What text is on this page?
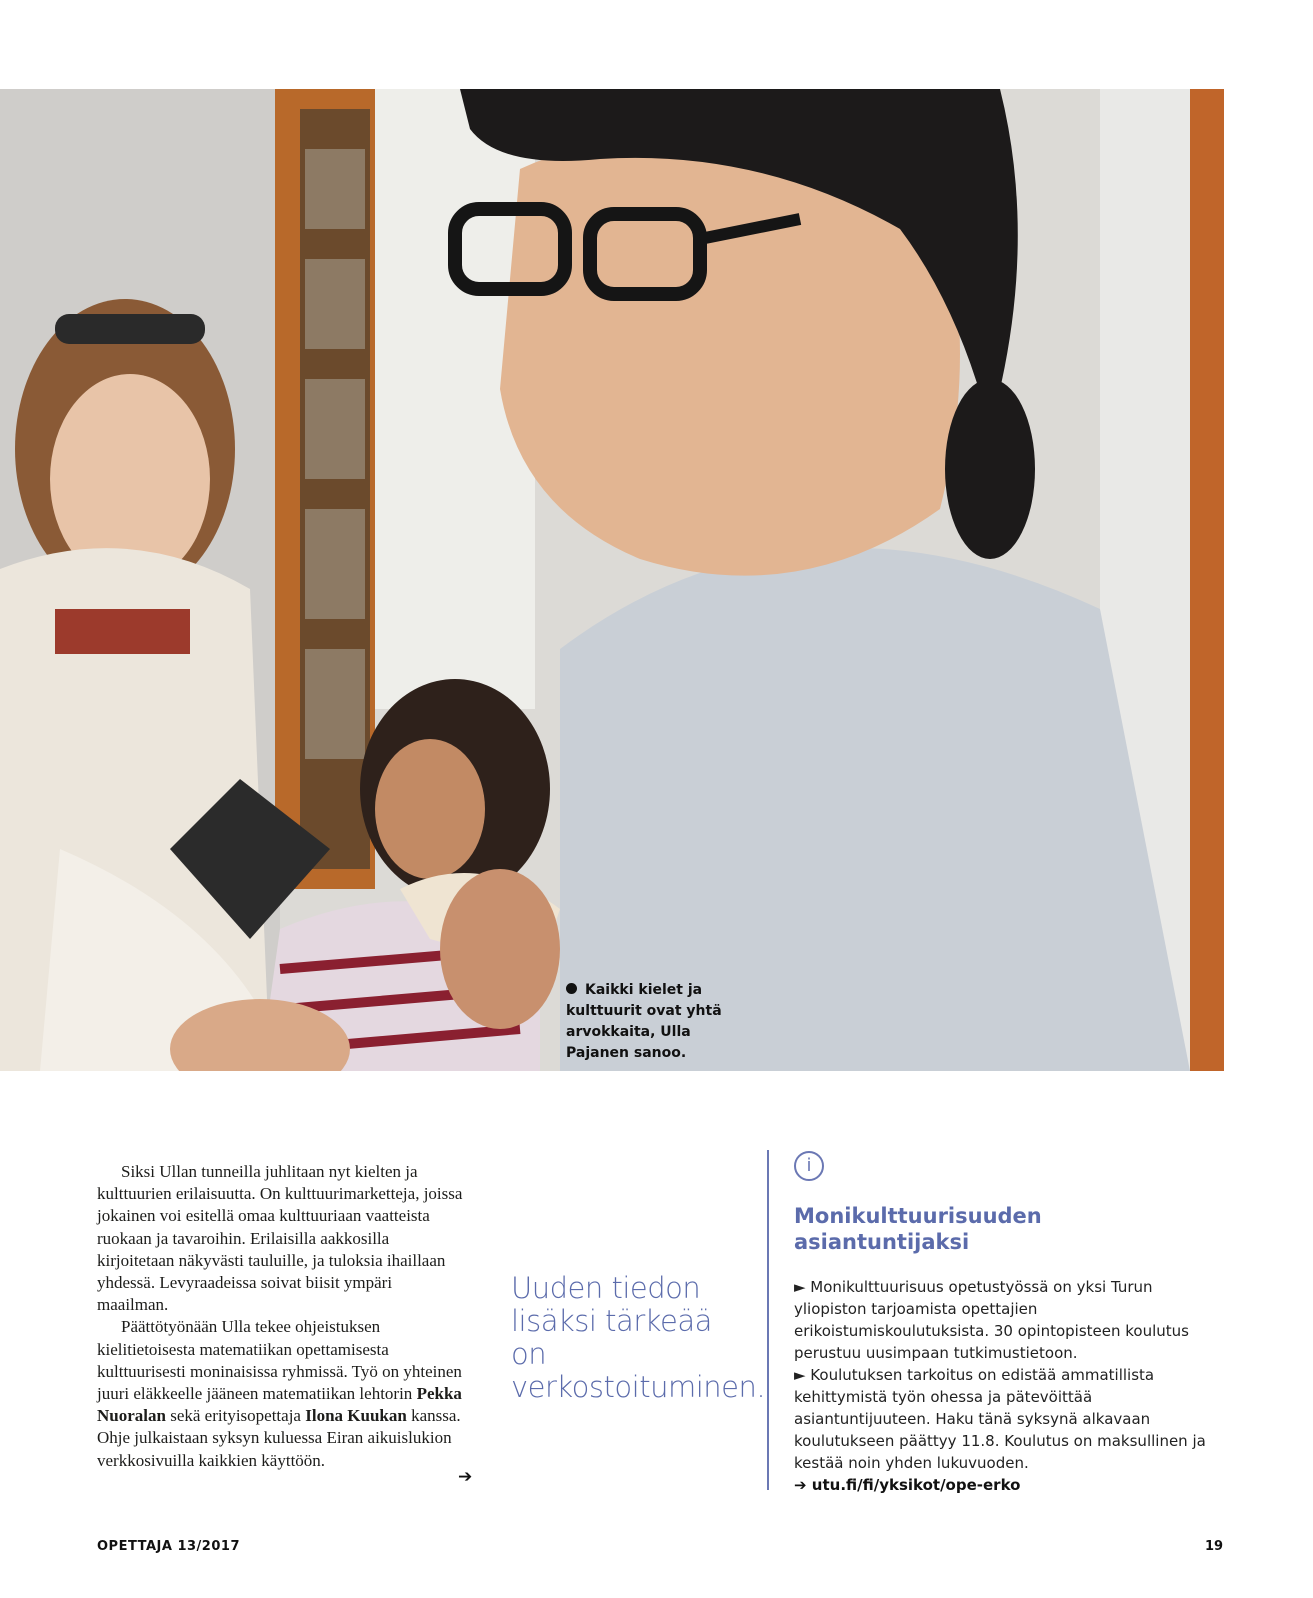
Kaikki kielet ja kulttuurit ovat yhtä arvokkaita, Ulla Pajanen sanoo.

Siksi Ullan tunneilla juhlitaan nyt kielten ja kulttuurien erilaisuutta. On kulttuurimarketteja, joissa jokainen voi esitellä omaa kulttuuriaan vaatteista ruokaan ja tavaroihin. Erilaisilla aakkosilla kirjoitetaan näkyvästi tauluille, ja tuloksia ihaillaan yhdessä. Levyraadeissa soivat biisit ympäri maailman.

Päättötyönään Ulla tekee ohjeistuksen kielitietoisesta matematiikan opettamisesta kulttuurisesti moninaisissa ryhmissä. Työ on yhteinen juuri eläkkeelle jääneen matematiikan lehtorin Pekka Nuoralan sekä erityisopettaja Ilona Kuukan kanssa. Ohje julkaistaan syksyn kuluessa Eiran aikuislukion verkkosivuilla kaikkien käyttöön.

➔
Uuden tiedon lisäksi tärkeää on verkostoituminen.
i
Monikulttuurisuuden asiantuntijaksi

► Monikulttuurisuus opetustyössä on yksi Turun yliopiston tarjoamista opettajien erikoistumiskoulutuksista. 30 opintopisteen koulutus perustuu uusimpaan tutkimustietoon.

► Koulutuksen tarkoitus on edistää ammatillista kehittymistä työn ohessa ja pätevöittää asiantuntijuuteen. Haku tänä syksynä alkavaan koulutukseen päättyy 11.8. Koulutus on maksullinen ja kestää noin yhden lukuvuoden.

➔ utu.fi/fi/yksikot/ope-erko

OPETTAJA 13/2017	19
